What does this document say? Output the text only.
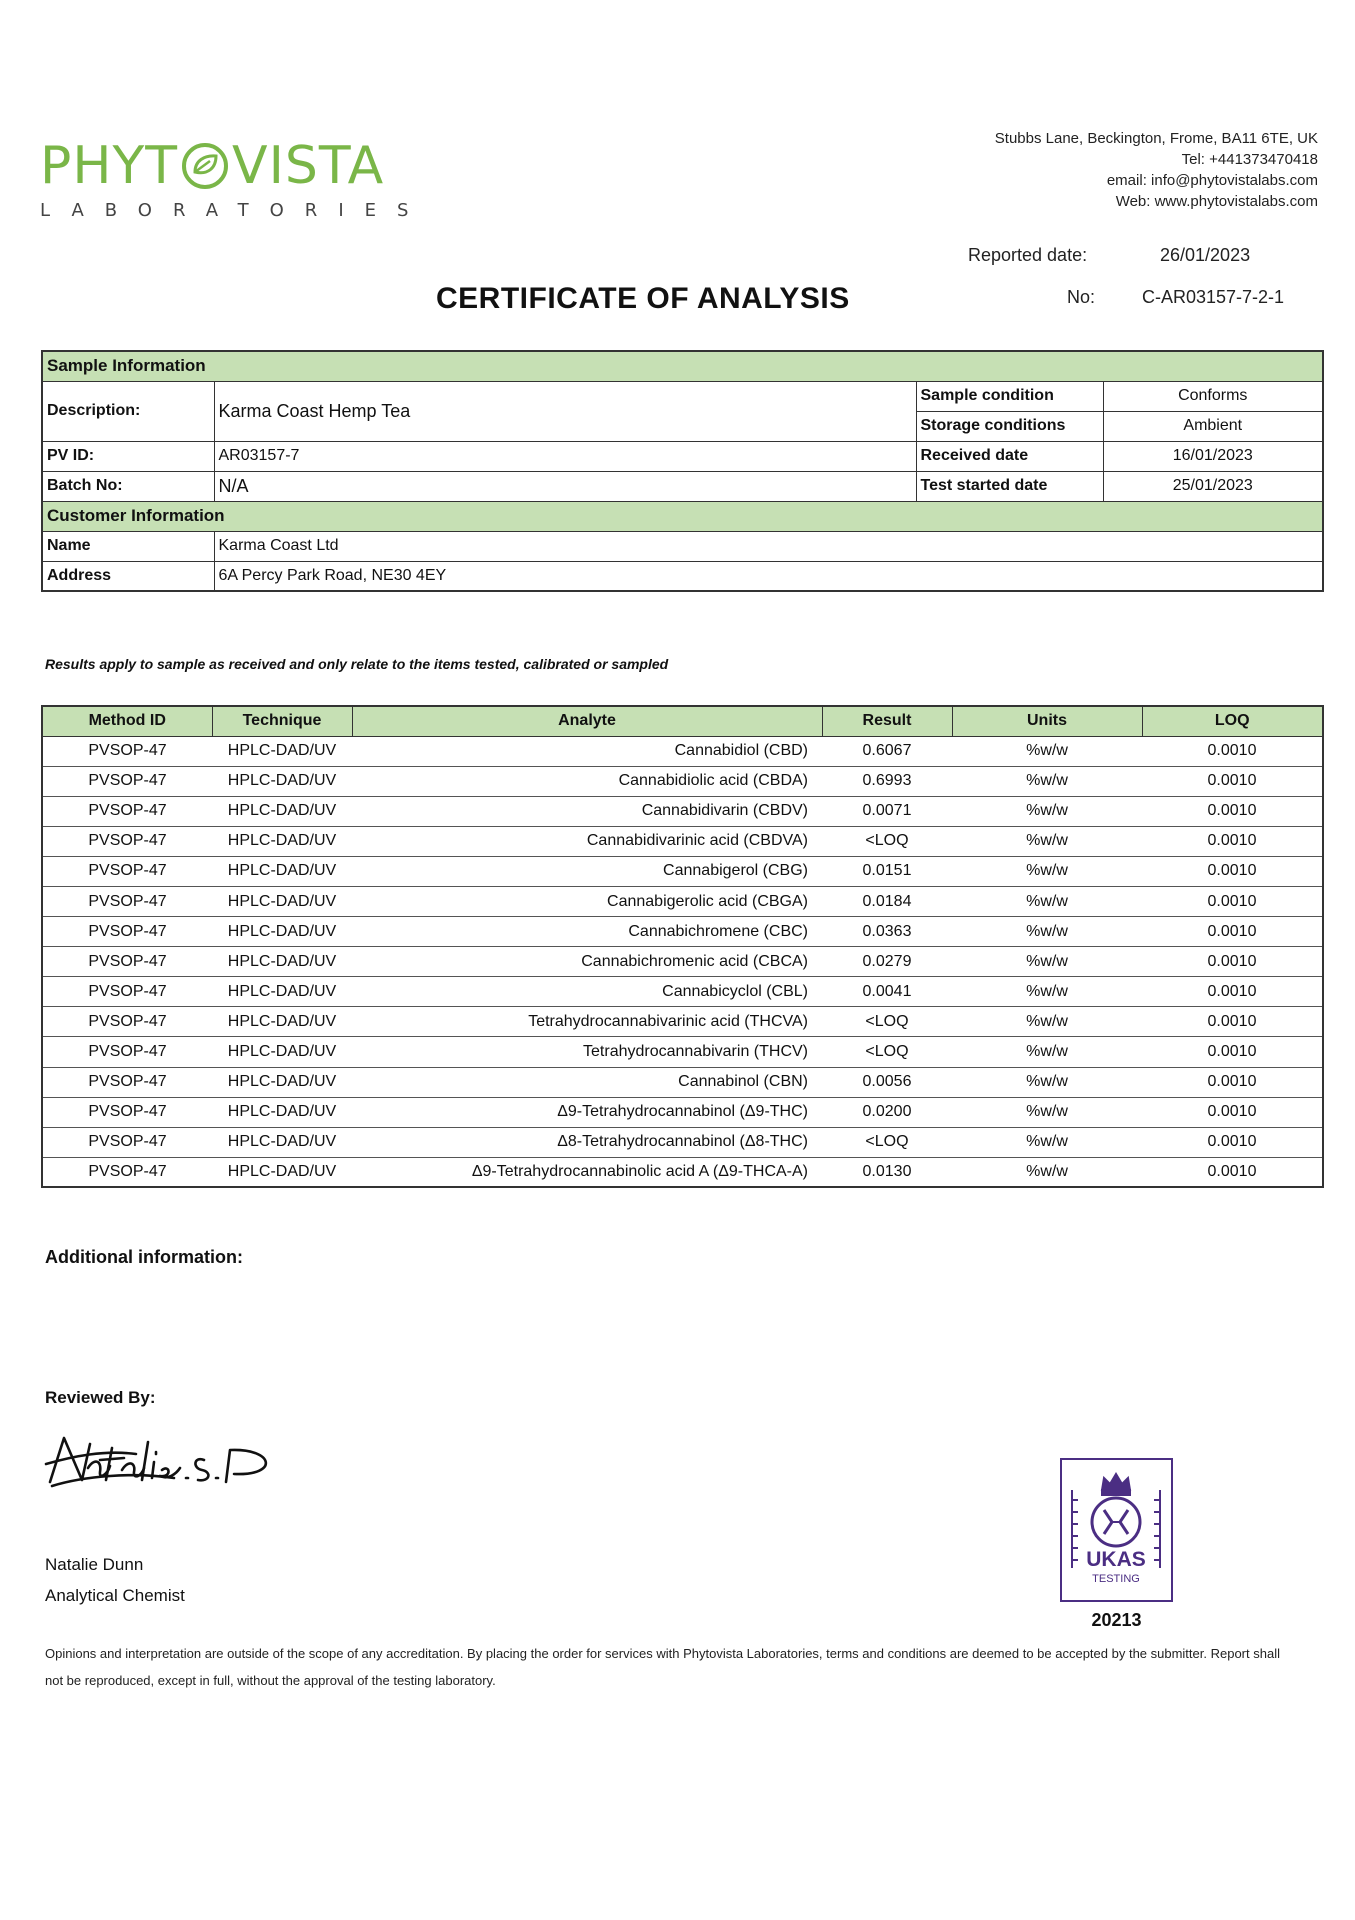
PHYT VISTA
LABORATORIES
Stubbs Lane, Beckington, Frome, BA11 6TE, UK
Tel: +441373470418
email: info@phytovistalabs.com
Web: www.phytovistalabs.com
Reported date:	26/01/2023
No:	C-AR03157-7-2-1
CERTIFICATE OF ANALYSIS
Sample Information			
Description:	Karma Coast Hemp Tea	Sample condition	Conforms
		Storage conditions	Ambient
PV ID:	AR03157-7	Received date	16/01/2023
Batch No:	N/A	Test started date	25/01/2023
Customer Information			
Name	Karma Coast Ltd		
Address	6A Percy Park Road, NE30 4EY		
Results apply to sample as received and only relate to the items tested, calibrated or sampled
Method ID	Technique	Analyte	Result	Units	LOQ
PVSOP-47	HPLC-DAD/UV	Cannabidiol (CBD)	0.6067	%w/w	0.0010
PVSOP-47	HPLC-DAD/UV	Cannabidiolic acid (CBDA)	0.6993	%w/w	0.0010
PVSOP-47	HPLC-DAD/UV	Cannabidivarin (CBDV)	0.0071	%w/w	0.0010
PVSOP-47	HPLC-DAD/UV	Cannabidivarinic acid (CBDVA)	<LOQ	%w/w	0.0010
PVSOP-47	HPLC-DAD/UV	Cannabigerol (CBG)	0.0151	%w/w	0.0010
PVSOP-47	HPLC-DAD/UV	Cannabigerolic acid (CBGA)	0.0184	%w/w	0.0010
PVSOP-47	HPLC-DAD/UV	Cannabichromene (CBC)	0.0363	%w/w	0.0010
PVSOP-47	HPLC-DAD/UV	Cannabichromenic acid (CBCA)	0.0279	%w/w	0.0010
PVSOP-47	HPLC-DAD/UV	Cannabicyclol (CBL)	0.0041	%w/w	0.0010
PVSOP-47	HPLC-DAD/UV	Tetrahydrocannabivarinic acid (THCVA)	<LOQ	%w/w	0.0010
PVSOP-47	HPLC-DAD/UV	Tetrahydrocannabivarin (THCV)	<LOQ	%w/w	0.0010
PVSOP-47	HPLC-DAD/UV	Cannabinol (CBN)	0.0056	%w/w	0.0010
PVSOP-47	HPLC-DAD/UV	Δ9-Tetrahydrocannabinol (Δ9-THC)	0.0200	%w/w	0.0010
PVSOP-47	HPLC-DAD/UV	Δ8-Tetrahydrocannabinol (Δ8-THC)	<LOQ	%w/w	0.0010
PVSOP-47	HPLC-DAD/UV	Δ9-Tetrahydrocannabinolic acid A (Δ9-THCA-A)	0.0130	%w/w	0.0010
Additional information:
Reviewed By:
Natalie Dunn
Analytical Chemist
UKAS
TESTING
20213
Opinions and interpretation are outside of the scope of any accreditation. By placing the order for services with Phytovista Laboratories, terms and conditions are deemed to be accepted by the submitter. Report shall not be reproduced, except in full, without the approval of the testing laboratory.
